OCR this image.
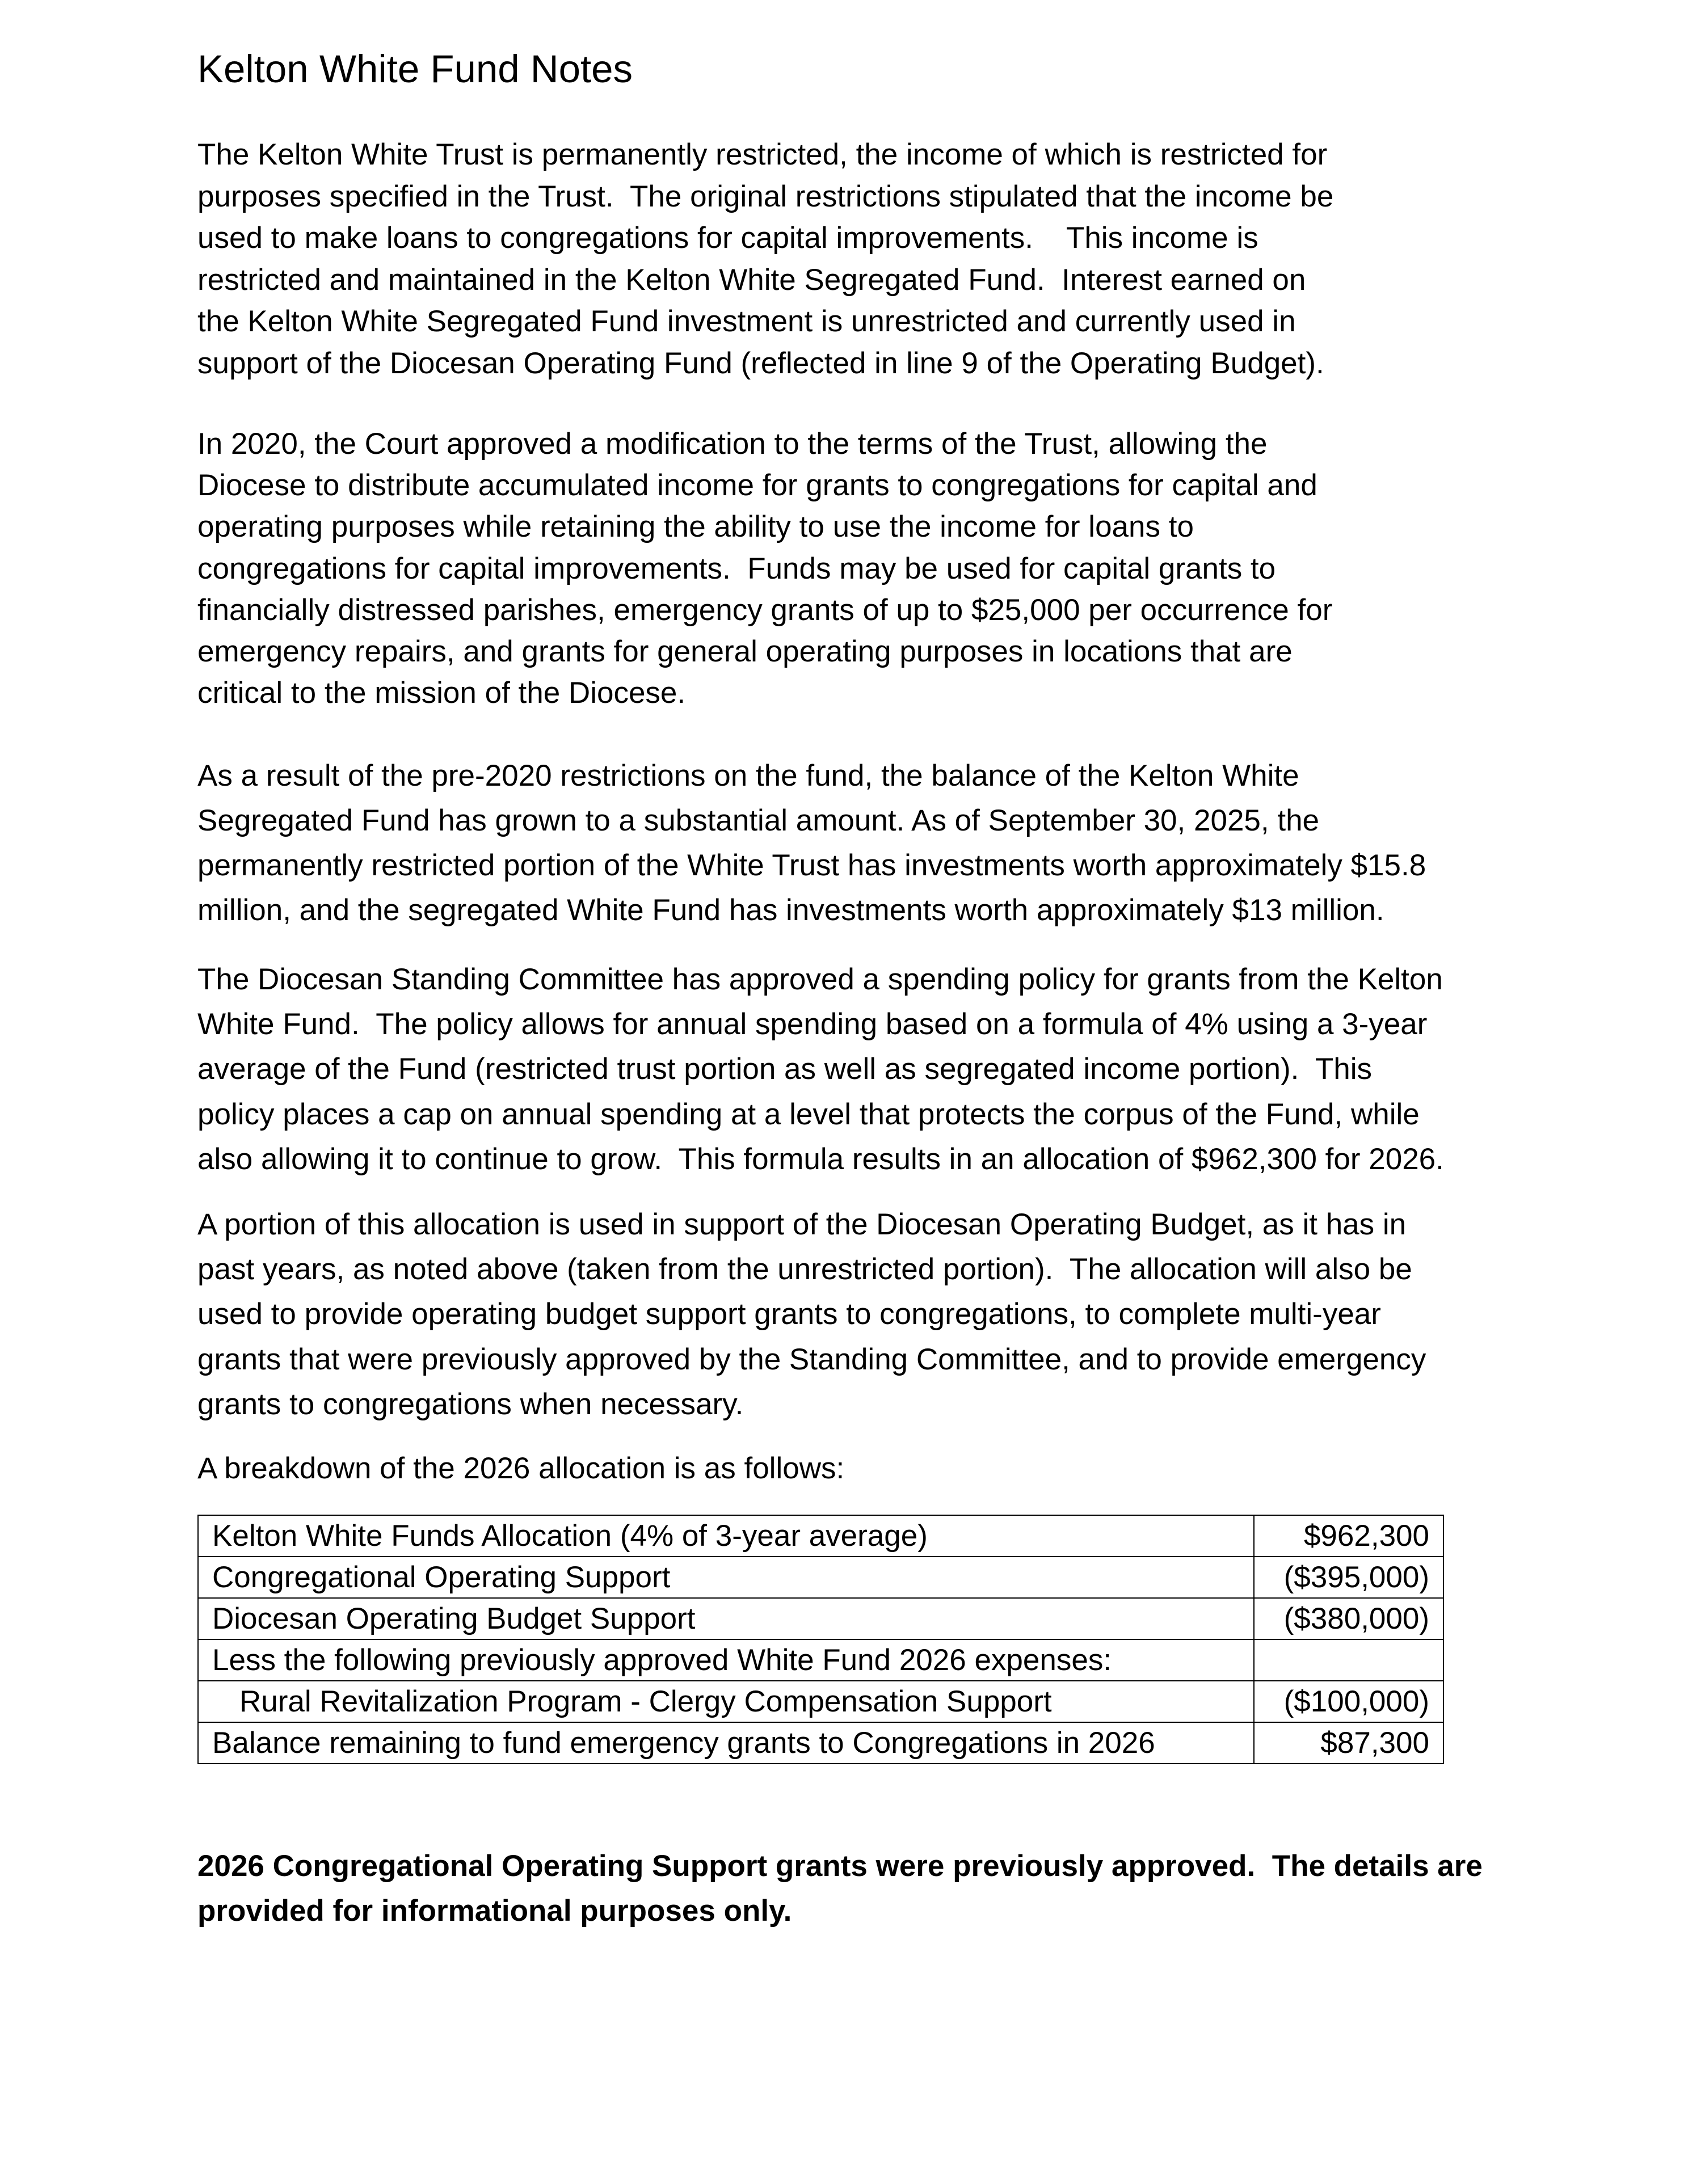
Kelton White Fund Notes

The Kelton White Trust is permanently restricted, the income of which is restricted for
purposes specified in the Trust.  The original restrictions stipulated that the income be
used to make loans to congregations for capital improvements.    This income is
restricted and maintained in the Kelton White Segregated Fund.  Interest earned on
the Kelton White Segregated Fund investment is unrestricted and currently used in
support of the Diocesan Operating Fund (reflected in line 9 of the Operating Budget).

In 2020, the Court approved a modification to the terms of the Trust, allowing the
Diocese to distribute accumulated income for grants to congregations for capital and
operating purposes while retaining the ability to use the income for loans to
congregations for capital improvements.  Funds may be used for capital grants to
financially distressed parishes, emergency grants of up to $25,000 per occurrence for
emergency repairs, and grants for general operating purposes in locations that are
critical to the mission of the Diocese.

As a result of the pre-2020 restrictions on the fund, the balance of the Kelton White
Segregated Fund has grown to a substantial amount. As of September 30, 2025, the
permanently restricted portion of the White Trust has investments worth approximately $15.8
million, and the segregated White Fund has investments worth approximately $13 million.

The Diocesan Standing Committee has approved a spending policy for grants from the Kelton
White Fund.  The policy allows for annual spending based on a formula of 4% using a 3-year
average of the Fund (restricted trust portion as well as segregated income portion).  This
policy places a cap on annual spending at a level that protects the corpus of the Fund, while
also allowing it to continue to grow.  This formula results in an allocation of $962,300 for 2026.

A portion of this allocation is used in support of the Diocesan Operating Budget, as it has in
past years, as noted above (taken from the unrestricted portion).  The allocation will also be
used to provide operating budget support grants to congregations, to complete multi-year
grants that were previously approved by the Standing Committee, and to provide emergency
grants to congregations when necessary.

A breakdown of the 2026 allocation is as follows:

Kelton White Funds Allocation (4% of 3-year average)	$962,300
Congregational Operating Support	($395,000)
Diocesan Operating Budget Support	($380,000)
Less the following previously approved White Fund 2026 expenses:	
Rural Revitalization Program - Clergy Compensation Support	($100,000)
Balance remaining to fund emergency grants to Congregations in 2026	$87,300

2026 Congregational Operating Support grants were previously approved.  The details are
provided for informational purposes only.
